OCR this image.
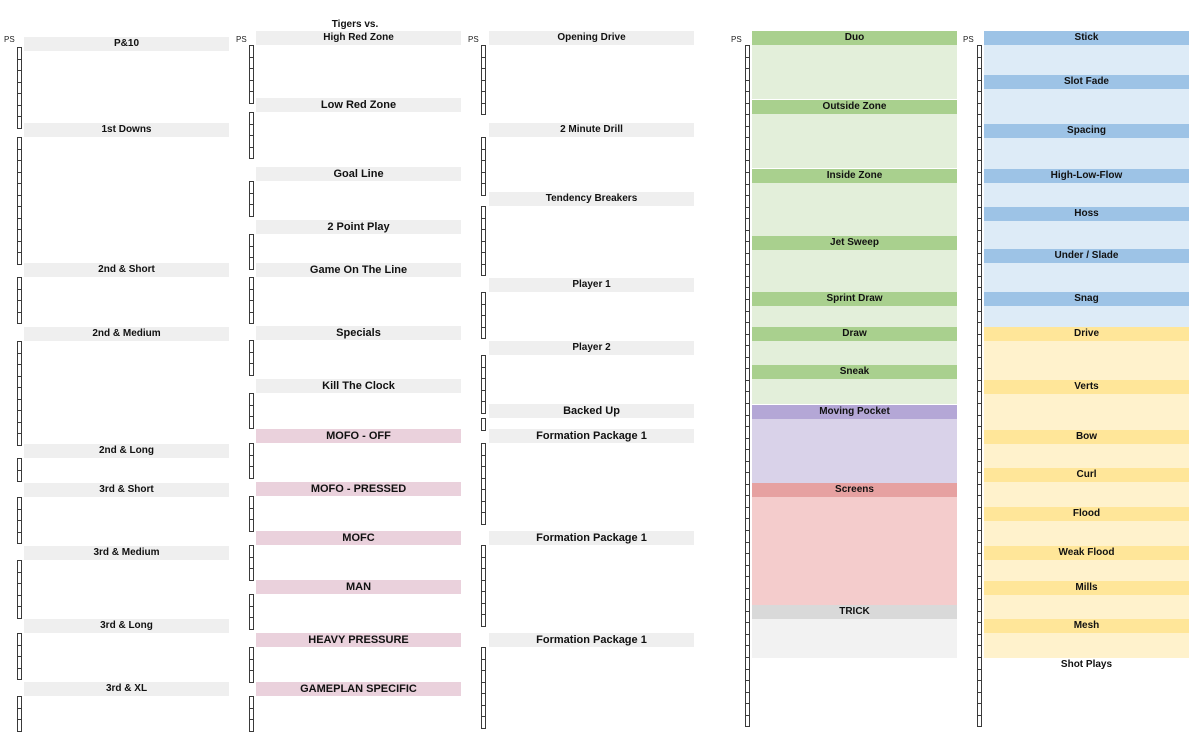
Tigers vs.
PS	PS	PS	PS	PS
P&10
1st Downs
2nd & Short
2nd & Medium
2nd & Long
3rd & Short
3rd & Medium
3rd & Long
3rd & XL
High Red Zone
Low Red Zone
Goal Line
2 Point Play
Game On The Line
Specials
Kill The Clock
MOFO - OFF
MOFO - PRESSED
MOFC
MAN
HEAVY PRESSURE
GAMEPLAN SPECIFIC
Opening Drive
2 Minute Drill
Tendency Breakers
Player 1
Player 2
Backed Up
Formation Package 1
Formation Package 1
Formation Package 1
Duo
Outside Zone
Inside Zone
Jet Sweep
Sprint Draw
Draw
Sneak
Moving Pocket
Screens
TRICK
Stick
Slot Fade
Spacing
High-Low-Flow
Hoss
Under / Slade
Snag
Drive
Verts
Bow
Curl
Flood
Weak Flood
Mills
Mesh
Shot Plays
